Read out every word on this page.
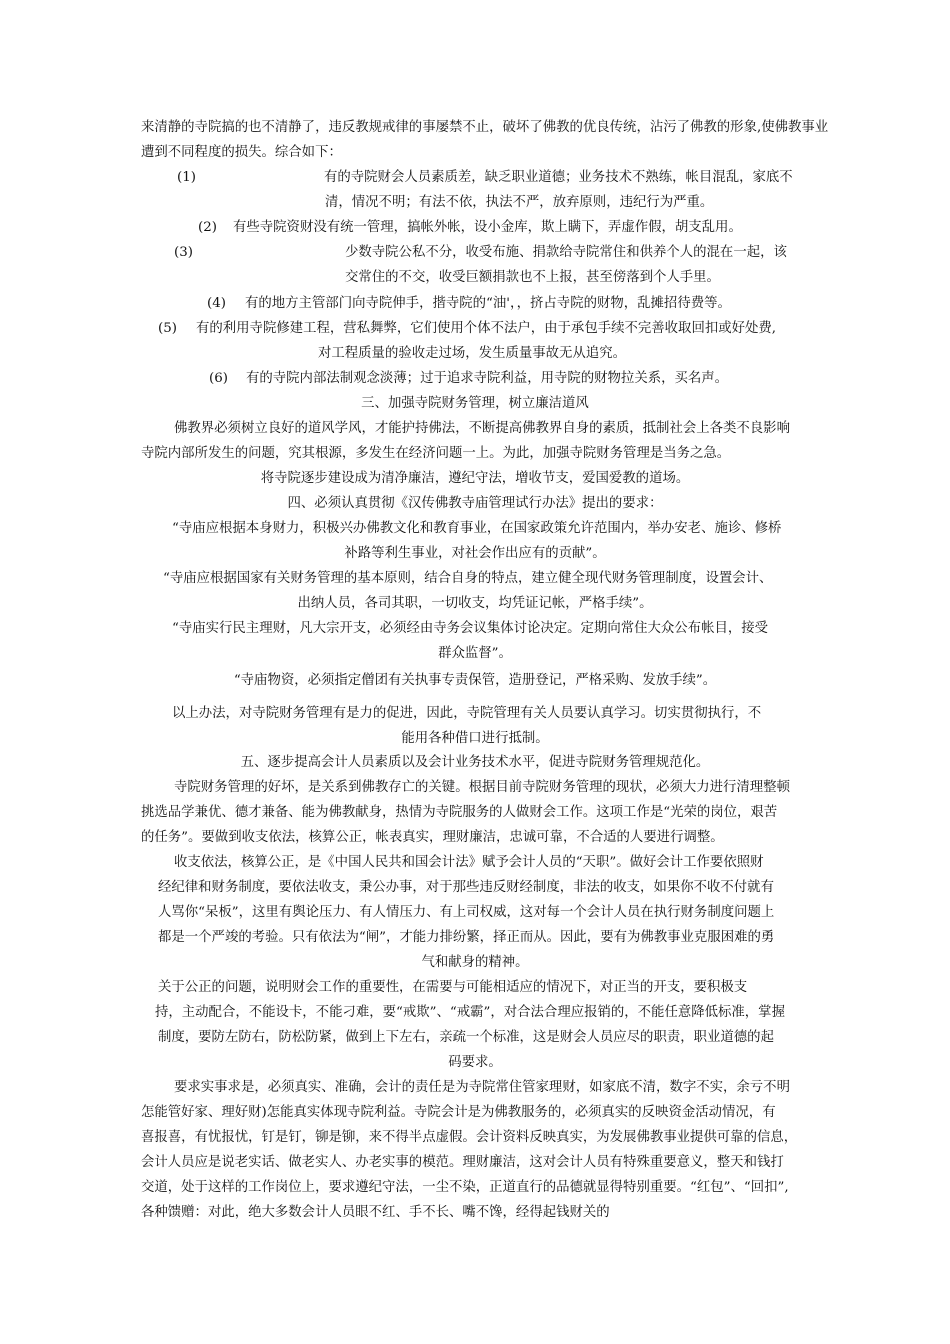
来清静的寺院搞的也不清静了，违反教规戒律的事屡禁不止，破坏了佛教的优良传统，沾污了佛教的形象,使佛教事业
遭到不同程度的损失。综合如下：
(1)	有的寺院财会人员素质差，缺乏职业道德；业务技术不熟练，帐目混乱，家底不
清，情况不明；有法不依，执法不严，放弃原则，违纪行为严重。
(2) 有些寺院资财没有统一管理，搞帐外帐，设小金库，欺上瞒下，弄虚作假，胡支乱用。
(3)	少数寺院公私不分，收受布施、捐款给寺院常住和供养个人的混在一起，该
交常住的不交，收受巨额捐款也不上报，甚至傍落到个人手里。
(4) 有的地方主管部门向寺院伸手，揩寺院的“油'，，挤占寺院的财物，乱摊招待费等。
(5) 有的利用寺院修建工程，营私舞弊，它们使用个体不法户，由于承包手续不完善收取回扣或好处费,
对工程质量的验收走过场，发生质量事故无从追究。
(6) 有的寺院内部法制观念淡薄；过于追求寺院利益，用寺院的财物拉关系，买名声。
三、加强寺院财务管理，树立廉洁道风
佛教界必须树立良好的道风学风，才能护持佛法，不断提高佛教界自身的素质，抵制社会上各类不良影响
寺院内部所发生的问题，究其根源，多发生在经济问题一上。为此，加强寺院财务管理是当务之急。
将寺院逐步建设成为清净廉洁，遵纪守法，增收节支，爱国爱教的道场。
四、必须认真贯彻《汉传佛教寺庙管理试行办法》提出的要求：
“寺庙应根据本身财力，积极兴办佛教文化和教育事业，在国家政策允许范围内，举办安老、施诊、修桥
补路等利生事业，对社会作出应有的贡献”。
“寺庙应根据国家有关财务管理的基本原则，结合自身的特点，建立健全现代财务管理制度，设置会计、
出纳人员，各司其职，一切收支，均凭证记帐，严格手续”。
“寺庙实行民主理财，凡大宗开支，必须经由寺务会议集体讨论决定。定期向常住大众公布帐目，接受
群众监督”。
“寺庙物资，必须指定僧团有关执事专责保管，造册登记，严格采购、发放手续”。
以上办法，对寺院财务管理有是力的促进，因此，寺院管理有关人员要认真学习。切实贯彻执行，不
能用各种借口进行抵制。
五、逐步提高会计人员素质以及会计业务技术水平，促进寺院财务管理规范化。
寺院财务管理的好坏，是关系到佛教存亡的关键。根据目前寺院财务管理的现状，必须大力进行清理整顿
挑选品学兼优、德才兼备、能为佛教献身，热情为寺院服务的人做财会工作。这项工作是“光荣的岗位，艰苦
的任务”。要做到收支依法，核算公正，帐表真实，理财廉洁，忠诚可靠，不合适的人要进行调整。
收支依法，核算公正，是《中国人民共和国会计法》赋予会计人员的“天职”。做好会计工作要依照财
经纪律和财务制度，要依法收支，秉公办事，对于那些违反财经制度，非法的收支，如果你不收不付就有
人骂你“呆板”，这里有舆论压力、有人情压力、有上司权威，这对每一个会计人员在执行财务制度问题上
都是一个严竣的考验。只有依法为“闸”，才能力排纷繁，择正而从。因此，要有为佛教事业克服困难的勇
气和献身的精神。
关于公正的问题，说明财会工作的重要性，在需要与可能相适应的情况下，对正当的开支，要积极支
持，主动配合，不能设卡，不能刁难，要“戒欺”、“戒霸”，对合法合理应报销的，不能任意降低标准，掌握
制度，要防左防右，防松防紧，做到上下左右，亲疏一个标准，这是财会人员应尽的职责，职业道德的起
码要求。
要求实事求是，必须真实、准确，会计的责任是为寺院常住管家理财，如家底不清，数字不实，余亏不明
怎能管好家、理好财)怎能真实体现寺院利益。寺院会计是为佛教服务的，必须真实的反映资金活动情况，有
喜报喜，有忧报忧，钉是钉，铆是铆，来不得半点虚假。会计资料反映真实，为发展佛教事业提供可靠的信息，
会计人员应是说老实话、做老实人、办老实事的模范。理财廉洁，这对会计人员有特殊重要意义，整天和钱打
交道，处于这样的工作岗位上，要求遵纪守法，一尘不染，正道直行的品德就显得特别重要。“红包”、“回扣”,
各种馈赠：对此，绝大多数会计人员眼不红、手不长、嘴不馋，经得起钱财关的
